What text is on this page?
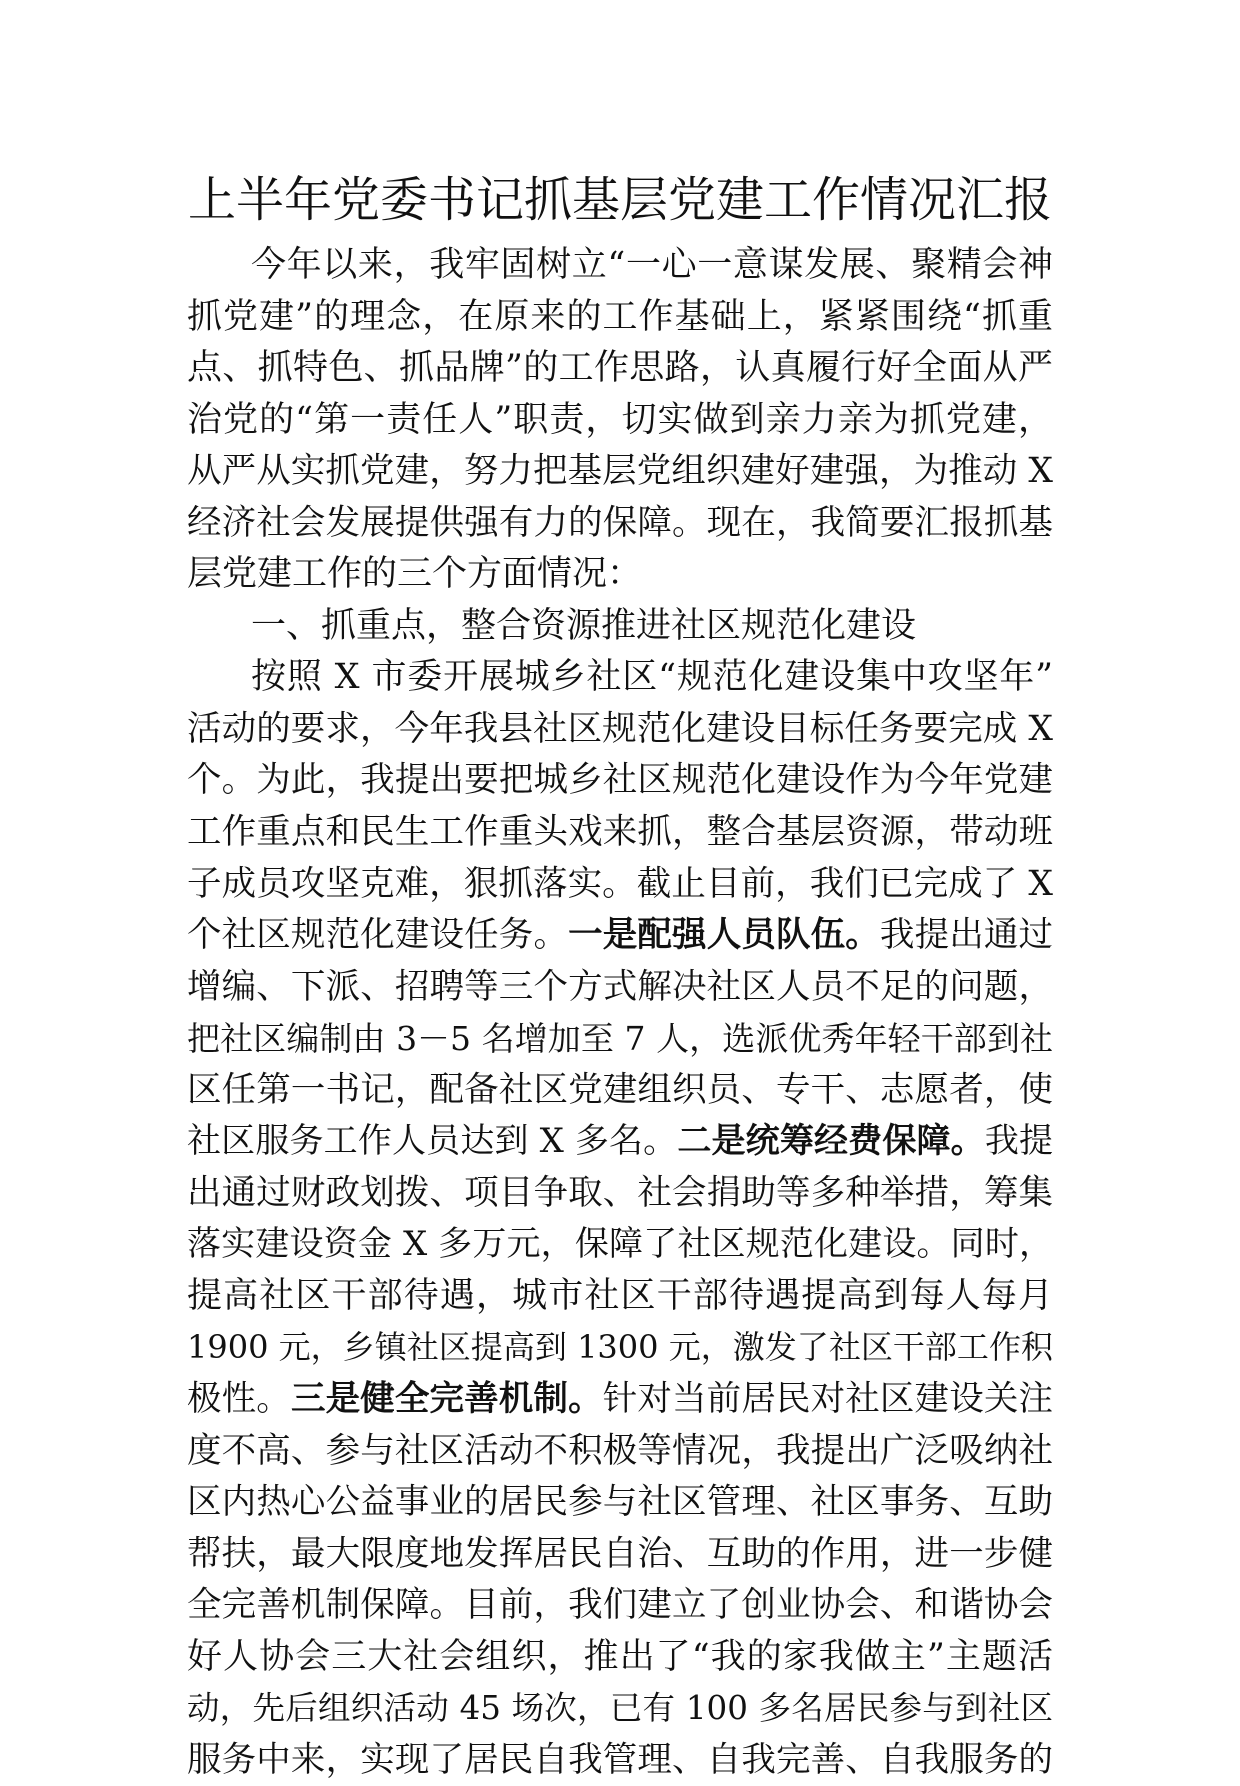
上半年党委书记抓基层党建工作情况汇报
今年以来，我牢固树立“一心一意谋发展、聚精会神
抓党建”的理念，在原来的工作基础上，紧紧围绕“抓重
点、抓特色、抓品牌”的工作思路，认真履行好全面从严
治党的“第一责任人”职责，切实做到亲力亲为抓党建，
从严从实抓党建，努力把基层党组织建好建强，为推动 X
经济社会发展提供强有力的保障。现在，我简要汇报抓基
层党建工作的三个方面情况：
一、抓重点，整合资源推进社区规范化建设
按照 X 市委开展城乡社区“规范化建设集中攻坚年”
活动的要求，今年我县社区规范化建设目标任务要完成 X
个。为此，我提出要把城乡社区规范化建设作为今年党建
工作重点和民生工作重头戏来抓，整合基层资源，带动班
子成员攻坚克难，狠抓落实。截止目前，我们已完成了 X
个社区规范化建设任务。一是配强人员队伍。我提出通过
增编、下派、招聘等三个方式解决社区人员不足的问题，
把社区编制由 3－5 名增加至 7 人，选派优秀年轻干部到社
区任第一书记，配备社区党建组织员、专干、志愿者，使
社区服务工作人员达到 X 多名。二是统筹经费保障。我提
出通过财政划拨、项目争取、社会捐助等多种举措，筹集
落实建设资金 X 多万元，保障了社区规范化建设。同时，
提高社区干部待遇，城市社区干部待遇提高到每人每月
1900 元，乡镇社区提高到 1300 元，激发了社区干部工作积
极性。三是健全完善机制。针对当前居民对社区建设关注
度不高、参与社区活动不积极等情况，我提出广泛吸纳社
区内热心公益事业的居民参与社区管理、社区事务、互助
帮扶，最大限度地发挥居民自治、互助的作用，进一步健
全完善机制保障。目前，我们建立了创业协会、和谐协会
好人协会三大社会组织，推出了“我的家我做主”主题活
动，先后组织活动 45 场次，已有 100 多名居民参与到社区
服务中来，实现了居民自我管理、自我完善、自我服务的
